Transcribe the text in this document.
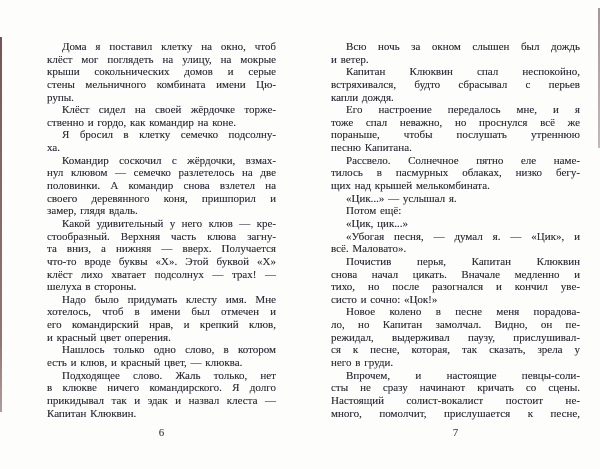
Дома я поставил клетку на окно, чтоб
клёст мог поглядеть на улицу, на мокрые
крыши сокольнических домов и серые
стены мельничного комбината имени Цю-
рупы.
Клёст сидел на своей жёрдочке торже-
ственно и гордо, как командир на коне.
Я бросил в клетку семечко подсолну-
ха.
Командир соскочил с жёрдочки, взмах-
нул клювом — семечко разлетелось на две
половинки. А командир снова взлетел на
своего деревянного коня, пришпорил и
замер, глядя вдаль.
Какой удивительный у него клюв — кре-
стообразный. Верхняя часть клюва загну-
та вниз, а нижняя — вверх. Получается
что-то вроде буквы «Х». Этой буквой «Х»
клёст лихо хватает подсолнух — трах! —
шелуха в стороны.
Надо было придумать клесту имя. Мне
хотелось, чтоб в имени был отмечен и
его командирский нрав, и крепкий клюв,
и красный цвет оперения.
Нашлось только одно слово, в котором
есть и клюв, и красный цвет, — клюква.
Подходящее слово. Жаль только, нет
в клюкве ничего командирского. Я долго
прикидывал так и эдак и назвал клеста —
Капитан Клюквин.
6
Всю ночь за окном слышен был дождь
и ветер.
Капитан Клюквин спал неспокойно,
встряхивался, будто сбрасывал с перьев
капли дождя.
Его настроение передалось мне, и я
тоже спал неважно, но проснулся всё же
пораньше, чтобы послушать утреннюю
песню Капитана.
Рассвело. Солнечное пятно еле наме-
тилось в пасмурных облаках, низко бегу-
щих над крышей мелькомбината.
«Цик...» — услышал я.
Потом ещё:
«Цик, цик...»
«Убогая песня, — думал я. — «Цик», и
всё. Маловато».
Почистив перья, Капитан Клюквин
снова начал цикать. Вначале медленно и
тихо, но после разогнался и кончил уве-
систо и сочно: «Цок!»
Новое колено в песне меня порадова-
ло, но Капитан замолчал. Видно, он пе-
режидал, выдерживал паузу, прислушивал-
ся к песне, которая, так сказать, зрела у
него в груди.
Впрочем, и настоящие певцы-соли-
сты не сразу начинают кричать со сцены.
Настоящий солист-вокалист постоит не-
много, помолчит, прислушается к песне,
7
